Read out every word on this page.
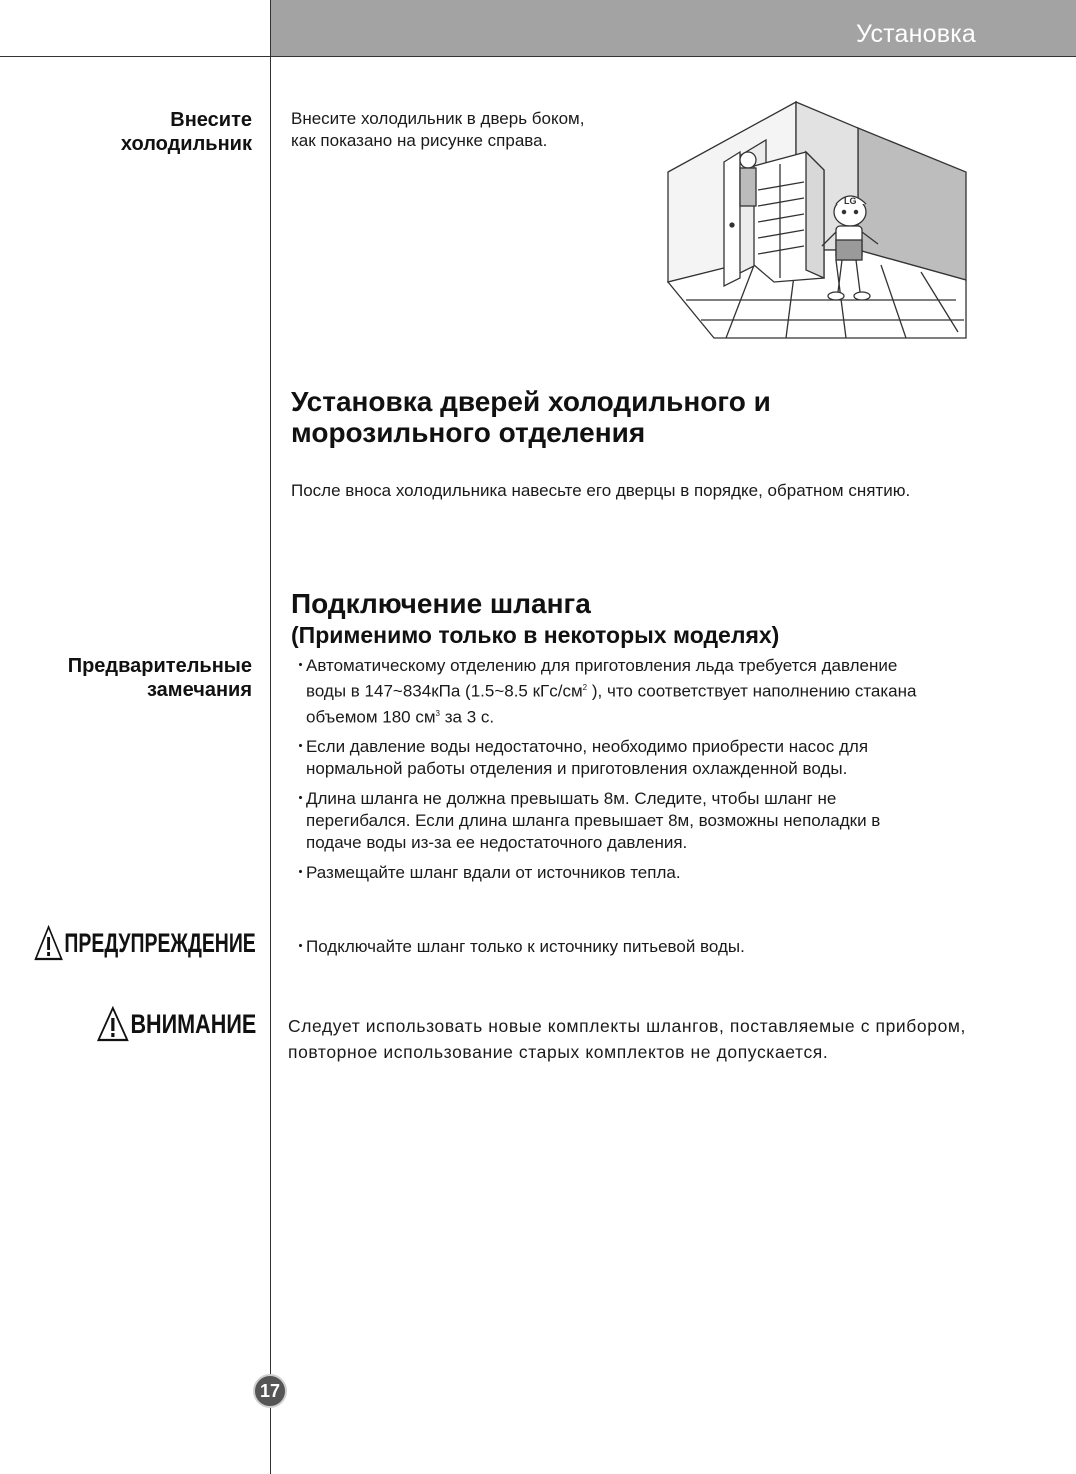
Установка
Внесите
холодильник
Внесите холодильник в дверь боком,
как показано на рисунке справа.
LG
Установка дверей холодильного и
морозильного отделения
После вноса холодильника навесьте его дверцы в порядке, обратном снятию.
Подключение шланга
(Применимо только в некоторых моделях)
Предварительные
замечания
・
Автоматическому отделению для приготовления льда требуется давление
воды в 147~834кПа (1.5~8.5 кГс/$см^2$ ), что соответствует наполнению стакана
объемом 180 $см^3$ за 3 с.
・
Если давление воды недостаточно, необходимо приобрести насос для
нормальной работы отделения и приготовления охлажденной воды.
・
Длина шланга не должна превышать 8м. Следите, чтобы шланг не
перегибался. Если длина шланга превышает 8м, возможны неполадки в
подаче воды из-за ее недостаточного давления.
・
Размещайте шланг вдали от источников тепла.
ПРЕДУПРЕЖДЕНИЕ ・
Подключайте шланг только к источнику питьевой воды.
ВНИМАНИЕ Следует использовать новые комплекты шлангов, поставляемые с прибором,
повторное использование старых комплектов не допускается.
17
